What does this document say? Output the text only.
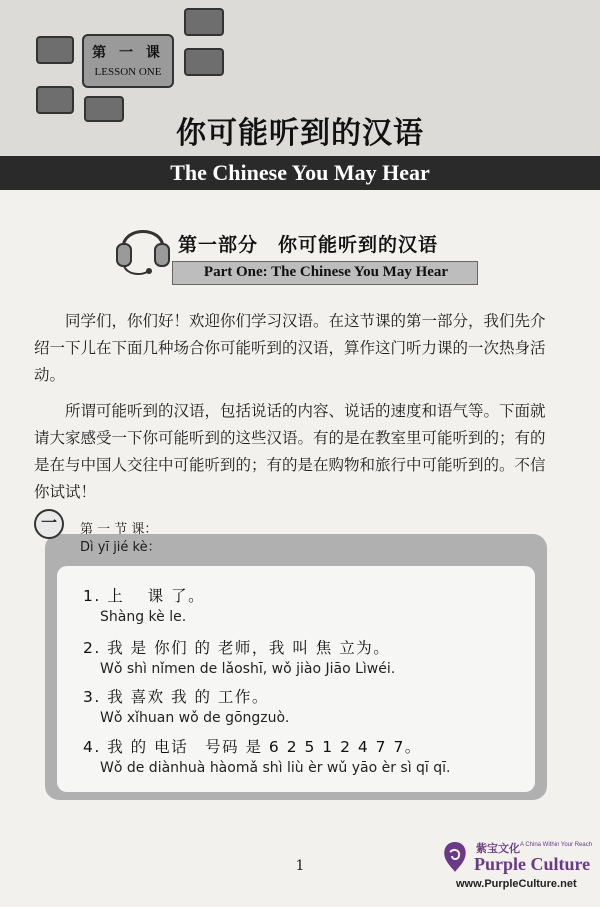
第 一 课
LESSON ONE
你可能听到的汉语
The Chinese You May Hear
第一部分　你可能听到的汉语
Part One: The Chinese You May Hear
同学们，你们好！欢迎你们学习汉语。在这节课的第一部分，我们先介绍一下儿在下面几种场合你可能听到的汉语，算作这门听力课的一次热身活动。
所谓可能听到的汉语，包括说话的内容、说话的速度和语气等。下面就请大家感受一下你可能听到的这些汉语。有的是在教室里可能听到的；有的是在与中国人交往中可能听到的；有的是在购物和旅行中可能听到的。不信你试试！
一	第 一 节 课：
Dì yī jié kè：
1. 上　 课 了。
Shàng kè le.
2. 我 是 你们 的 老师，我 叫 焦 立为。
Wǒ shì nǐmen de lǎoshī, wǒ jiào Jiāo Lìwéi.
3. 我 喜欢 我 的 工作。
Wǒ xǐhuan wǒ de gōngzuò.
4. 我 的 电话　号码 是 6 2 5 1 2 4 7 7。
Wǒ de diànhuà hàomǎ shì liù èr wǔ yāo èr sì qī qī.
1
紫宝文化 A China Within Your Reach
Purple Culture
www.PurpleCulture.net
